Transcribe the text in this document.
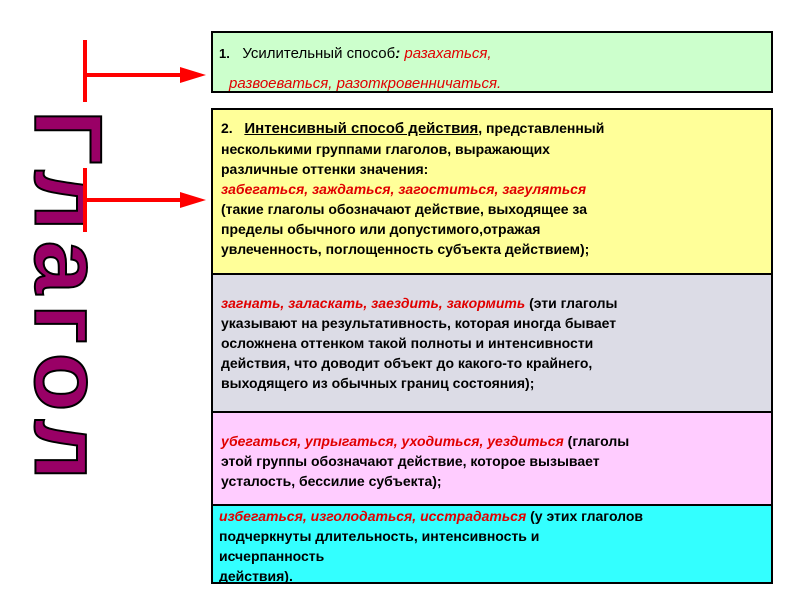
Глагол
1. Усилительный способ: разахаться,
развоеваться, разоткровенничаться.
2. Интенсивный способ действия, представленный
несколькими группами глаголов, выражающих
различные оттенки значения:
забегаться, заждаться, загоститься, загуляться
(такие глаголы обозначают действие, выходящее за
пределы обычного или допустимого,отражая
увлеченность, поглощенность субъекта действием);
загнать, заласкать, заездить, закормить (эти глаголы
указывают на результативность, которая иногда бывает
осложнена оттенком такой полноты и интенсивности
действия, что доводит объект до какого-то крайнего,
выходящего из обычных границ состояния);
убегаться, упрыгаться, уходиться, уездиться (глаголы
этой группы обозначают действие, которое вызывает
усталость, бессилие субъекта);
избегаться, изголодаться, исстрадаться (у этих глаголов
подчеркнуты длительность, интенсивность и
исчерпанность
действия).
